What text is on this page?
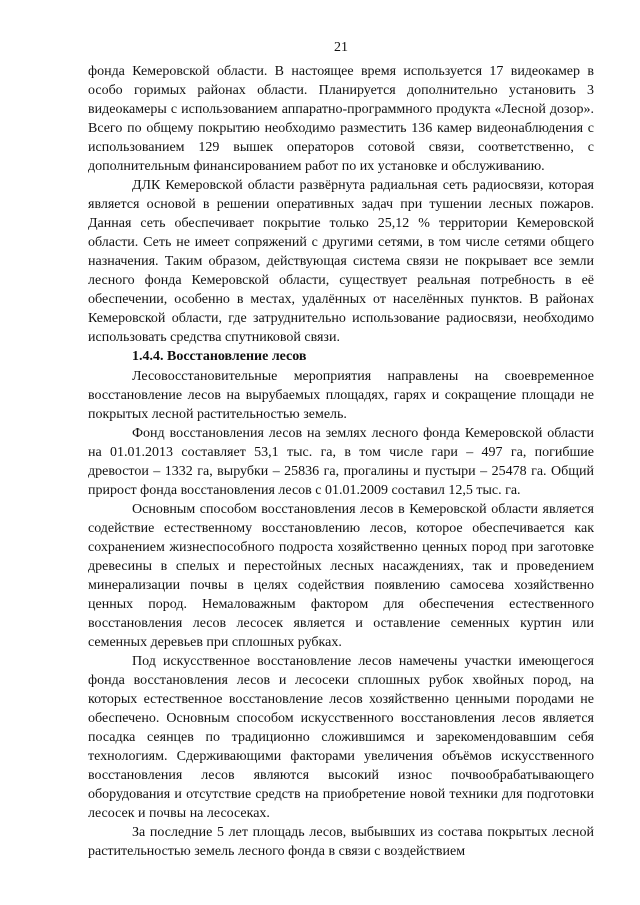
21

фонда Кемеровской области. В настоящее время используется 17 видеокамер в особо горимых районах области. Планируется дополнительно установить 3 видеокамеры с использованием аппаратно-программного продукта «Лесной дозор». Всего по общему покрытию необходимо разместить 136 камер видеонаблюдения с использованием 129 вышек операторов сотовой связи, соответственно, с дополнительным финансированием работ по их установке и обслуживанию.

ДЛК Кемеровской области развёрнута радиальная сеть радиосвязи, которая является основой в решении оперативных задач при тушении лесных пожаров. Данная сеть обеспечивает покрытие только 25,12 % территории Кемеровской области. Сеть не имеет сопряжений с другими сетями, в том числе сетями общего назначения. Таким образом, действующая система связи не покрывает все земли лесного фонда Кемеровской области, существует реальная потребность в её обеспечении, особенно в местах, удалённых от населённых пунктов. В районах Кемеровской области, где затруднительно использование радиосвязи, необходимо использовать средства спутниковой связи.

1.4.4. Восстановление лесов

Лесовосстановительные мероприятия направлены на своевременное восстановление лесов на вырубаемых площадях, гарях и сокращение площади не покрытых лесной растительностью земель.

Фонд восстановления лесов на землях лесного фонда Кемеровской области на 01.01.2013 составляет 53,1 тыс. га, в том числе гари – 497 га, погибшие древостои – 1332 га, вырубки – 25836 га, прогалины и пустыри – 25478 га. Общий прирост фонда восстановления лесов с 01.01.2009 составил 12,5 тыс. га.

Основным способом восстановления лесов в Кемеровской области является содействие естественному восстановлению лесов, которое обеспечивается как сохранением жизнеспособного подроста хозяйственно ценных пород при заготовке древесины в спелых и перестойных лесных насаждениях, так и проведением минерализации почвы в целях содействия появлению самосева хозяйственно ценных пород. Немаловажным фактором для обеспечения естественного восстановления лесов лесосек является и оставление семенных куртин или семенных деревьев при сплошных рубках.

Под искусственное восстановление лесов намечены участки имеющегося фонда восстановления лесов и лесосеки сплошных рубок хвойных пород, на которых естественное восстановление лесов хозяйственно ценными породами не обеспечено. Основным способом искусственного восстановления лесов является посадка сеянцев по традиционно сложившимся и зарекомендовавшим себя технологиям. Сдерживающими факторами увеличения объёмов искусственного восстановления лесов являются высокий износ почвообрабатывающего оборудования и отсутствие средств на приобретение новой техники для подготовки лесосек и почвы на лесосеках.

За последние 5 лет площадь лесов, выбывших из состава покрытых лесной растительностью земель лесного фонда в связи с воздействием
